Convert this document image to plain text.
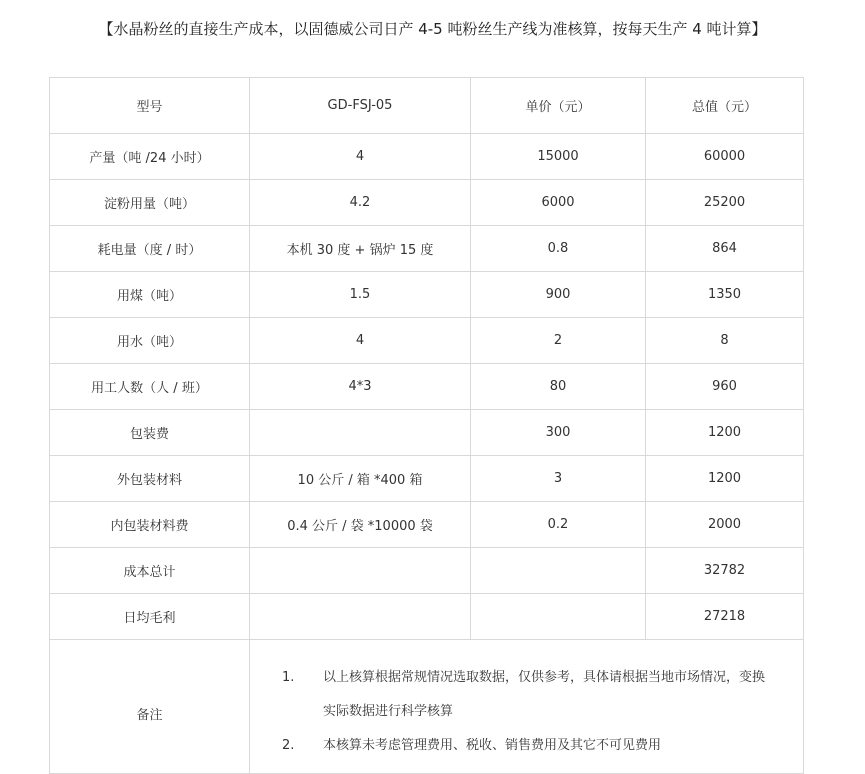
【水晶粉丝的直接生产成本，以固德威公司日产 4-5 吨粉丝生产线为准核算，按每天生产 4 吨计算】
型号	GD-FSJ-05	单价（元）	总值（元）
产量（吨 /24 小时）	4	15000	60000
淀粉用量（吨）	4.2	6000	25200
耗电量（度 / 时）	本机 30 度 + 锅炉 15 度	0.8	864
用煤（吨）	1.5	900	1350
用水（吨）	4	2	8
用工人数（人 / 班）	4*3	80	960
包装费		300	1200
外包装材料	10 公斤 / 箱 *400 箱	3	1200
内包装材料费	0.4 公斤 / 袋 *10000 袋	0.2	2000
成本总计			32782
日均毛利			27218
备注	1. 以上核算根据常规情况选取数据，仅供参考，具体请根据当地市场情况，变换实际数据进行科学核算
2. 本核算未考虑管理费用、税收、销售费用及其它不可见费用		
